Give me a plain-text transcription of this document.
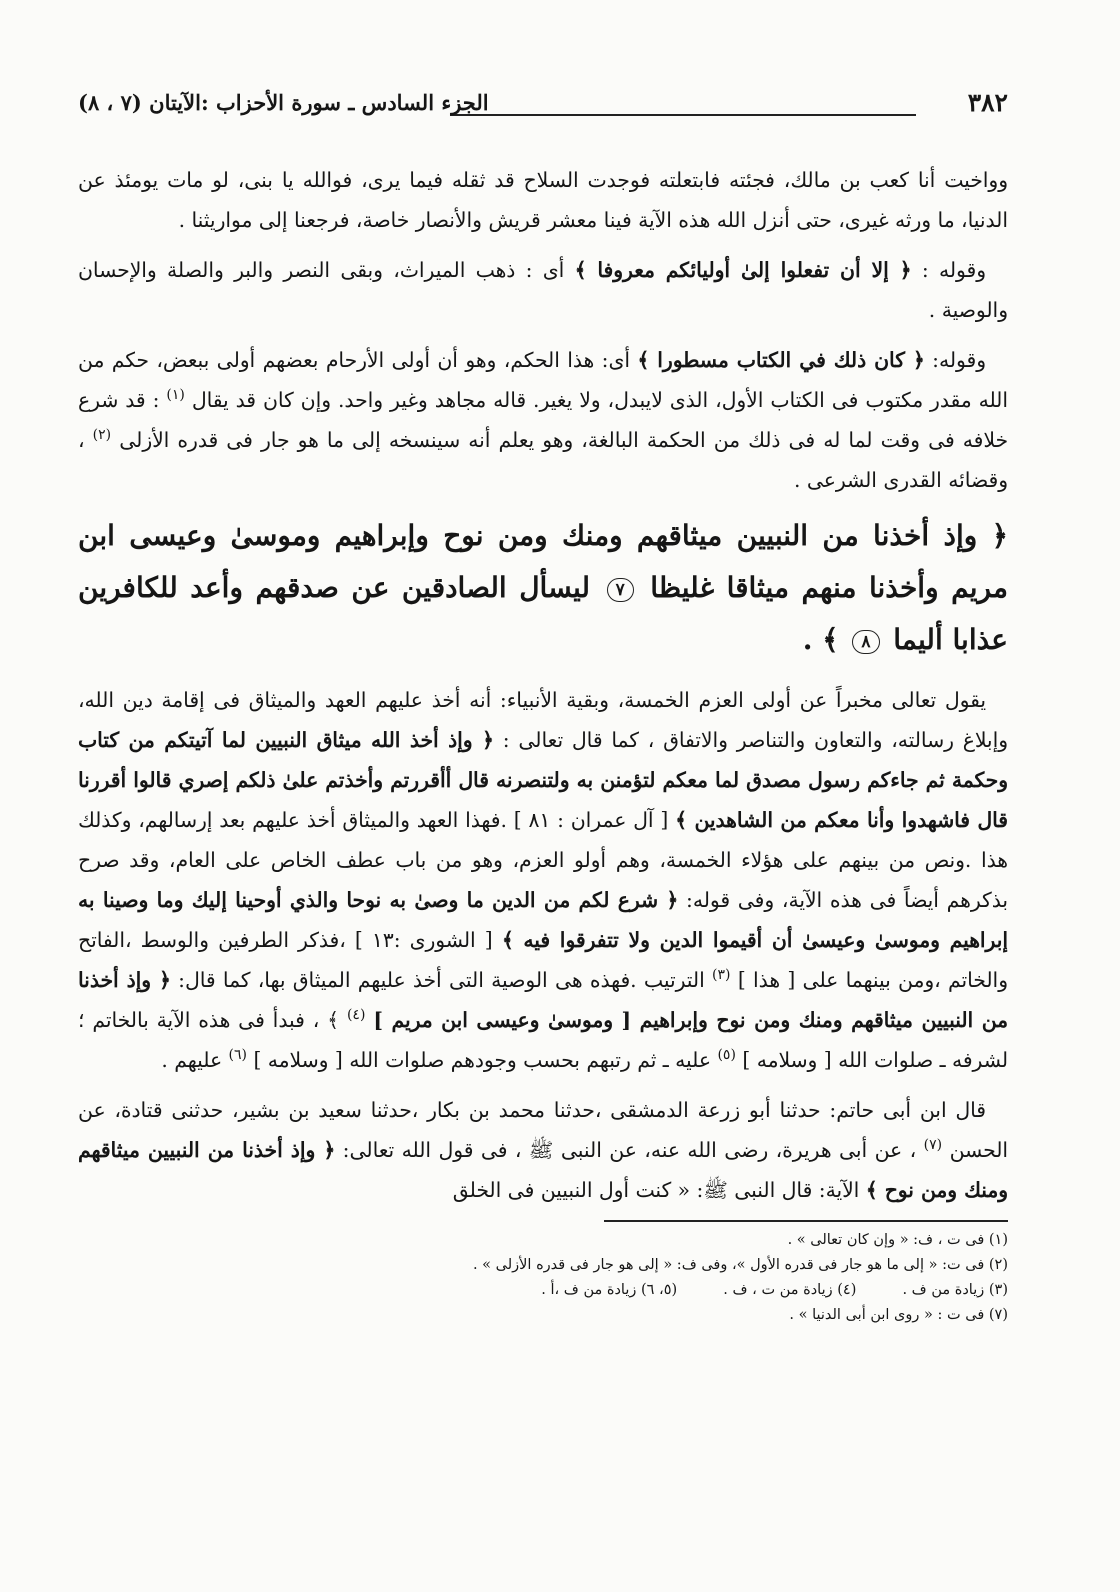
٣٨٢
الجزء السادس ـ سورة الأحزاب :الآيتان (٧ ، ٨)

وواخيت أنا كعب بن مالك، فجئته فابتعلته فوجدت السلاح قد ثقله فيما يرى، فوالله يا بنى، لو مات يومئذ عن الدنيا، ما ورثه غيرى، حتى أنزل الله هذه الآية فينا معشر قريش والأنصار خاصة، فرجعنا إلى مواريثنا .

وقوله : ﴿ إلا أن تفعلوا إلىٰ أوليائكم معروفا ﴾ أى : ذهب الميراث، وبقى النصر والبر والصلة والإحسان والوصية .

وقوله: ﴿ كان ذلك في الكتاب مسطورا ﴾ أى: هذا الحكم، وهو أن أولى الأرحام بعضهم أولى ببعض، حكم من الله مقدر مكتوب فى الكتاب الأول، الذى لايبدل، ولا يغير. قاله مجاهد وغير واحد. وإن كان قد يقال $^{(١)}$ : قد شرع خلافه فى وقت لما له فى ذلك من الحكمة البالغة، وهو يعلم أنه سينسخه إلى ما هو جار فى قدره الأزلى $^{(٢)}$ ، وقضائه القدرى الشرعى .

﴿ وإذ أخذنا من النبيين ميثاقهم ومنك ومن نوح وإبراهيم وموسىٰ وعيسى ابن مريم وأخذنا منهم ميثاقا غليظا ٧ ليسأل الصادقين عن صدقهم وأعد للكافرين عذابا أليما ٨ ﴾ .

يقول تعالى مخبراً عن أولى العزم الخمسة، وبقية الأنبياء: أنه أخذ عليهم العهد والميثاق فى إقامة دين الله، وإبلاغ رسالته، والتعاون والتناصر والاتفاق ، كما قال تعالى : ﴿ وإذ أخذ الله ميثاق النبيين لما آتيتكم من كتاب وحكمة ثم جاءكم رسول مصدق لما معكم لتؤمنن به ولتنصرنه قال أأقررتم وأخذتم علىٰ ذلكم إصري قالوا أقررنا قال فاشهدوا وأنا معكم من الشاهدين ﴾ [ آل عمران : ٨١ ] .فهذا العهد والميثاق أخذ عليهم بعد إرسالهم، وكذلك هذا .ونص من بينهم على هؤلاء الخمسة، وهم أولو العزم، وهو من باب عطف الخاص على العام، وقد صرح بذكرهم أيضاً فى هذه الآية، وفى قوله: ﴿ شرع لكم من الدين ما وصىٰ به نوحا والذي أوحينا إليك وما وصينا به إبراهيم وموسىٰ وعيسىٰ أن أقيموا الدين ولا تتفرقوا فيه ﴾ [ الشورى :١٣ ] ،فذكر الطرفين والوسط ،الفاتح والخاتم ،ومن بينهما على [ هذا ] $^{(٣)}$ الترتيب .فهذه هى الوصية التى أخذ عليهم الميثاق بها، كما قال: ﴿ وإذ أخذنا من النبيين ميثاقهم ومنك ومن نوح وإبراهيم [ وموسىٰ وعيسى ابن مريم ] $^{(٤)}$ ﴾ ، فبدأ فى هذه الآية بالخاتم ؛لشرفه ـ صلوات الله [ وسلامه ] $^{(٥)}$ عليه ـ ثم رتبهم بحسب وجودهم صلوات الله [ وسلامه ] $^{(٦)}$ عليهم .

قال ابن أبى حاتم: حدثنا أبو زرعة الدمشقى ،حدثنا محمد بن بكار ،حدثنا سعيد بن بشير، حدثنى قتادة، عن الحسن $^{(٧)}$ ، عن أبى هريرة، رضى الله عنه، عن النبى ﷺ ، فى قول الله تعالى: ﴿ وإذ أخذنا من النبيين ميثاقهم ومنك ومن نوح ﴾ الآية: قال النبى ﷺ: « كنت أول النبيين فى الخلق

(١) فى ت ، ف: « وإن كان تعالى » .
(٢) فى ت: « إلى ما هو جار فى قدره الأول »، وفى ف: « إلى هو جار فى قدره الأزلى » .
(٣) زيادة من ف .          (٤) زيادة من ت ، ف .          (٥، ٦) زيادة من ف ،أ .
(٧) فى ت : « روى ابن أبى الدنيا » .
